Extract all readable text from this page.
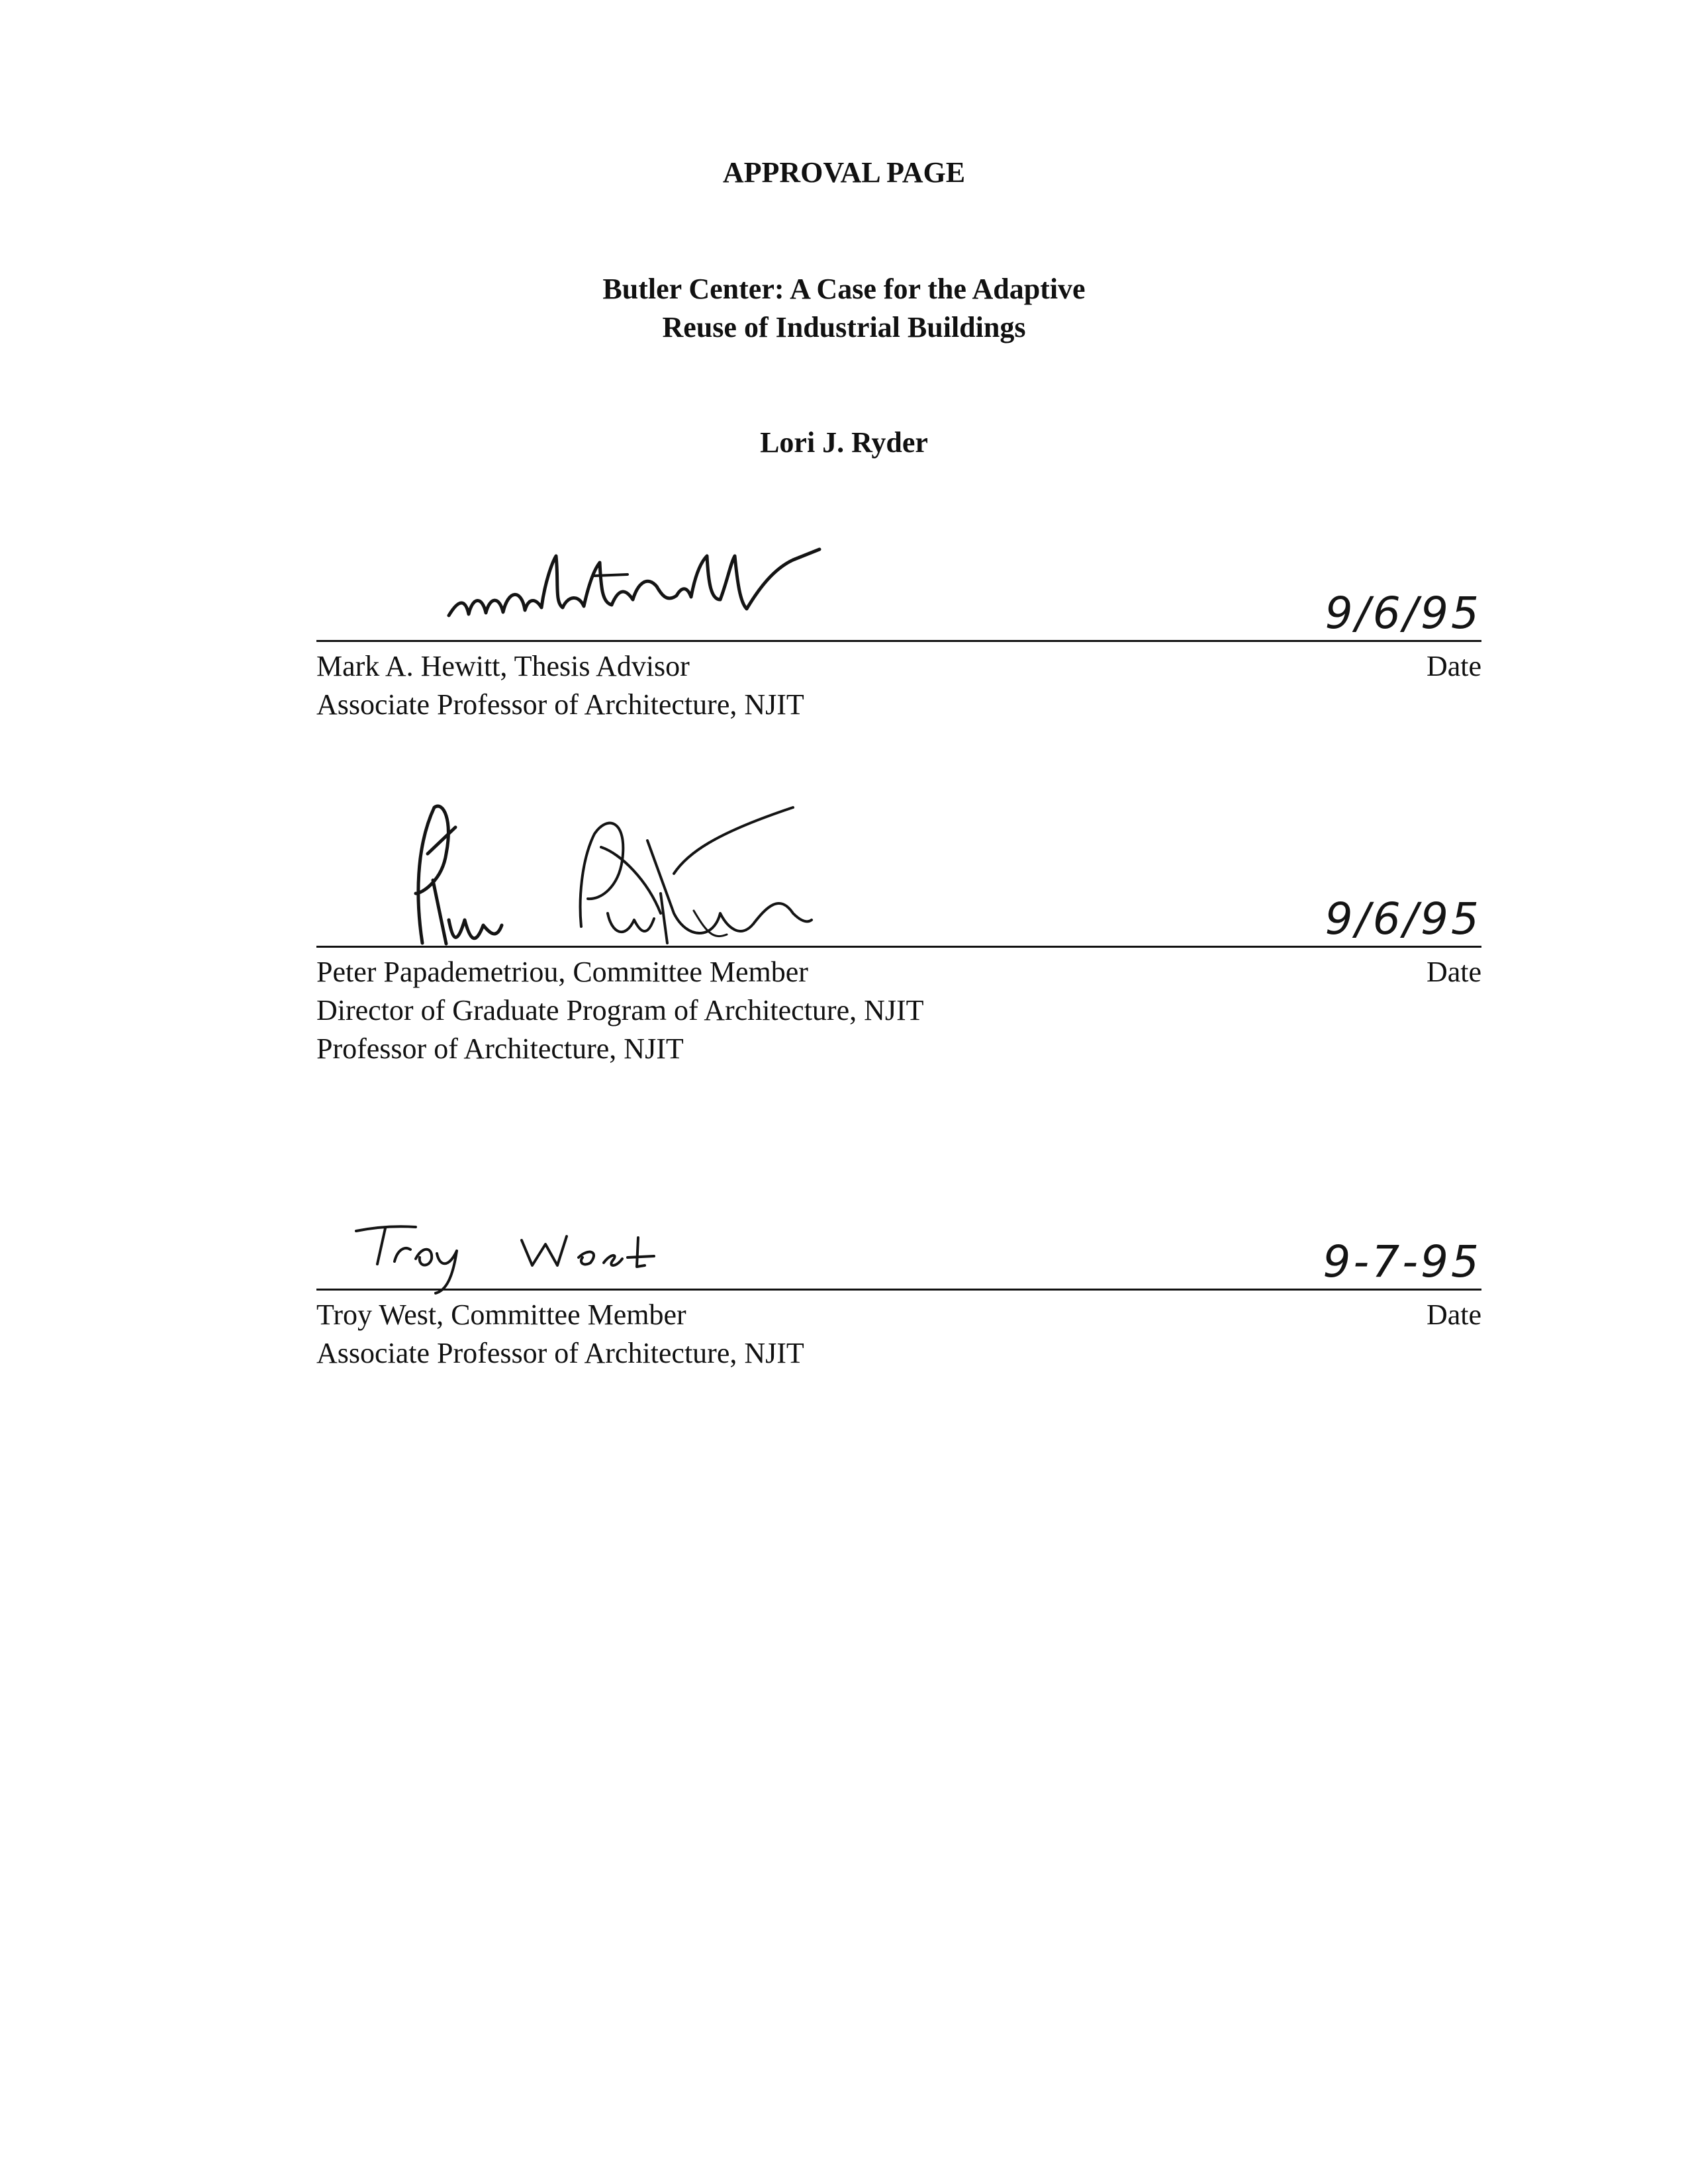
APPROVAL PAGE
Butler Center: A Case for the Adaptive
Reuse of Industrial Buildings
Lori J. Ryder
9/6/95
Mark A. Hewitt, Thesis Advisor
Associate Professor of Architecture, NJIT
Date
9/6/95
Peter Papademetriou, Committee Member
Director of Graduate Program of Architecture, NJIT
Professor of Architecture, NJIT
Date
9-7-95
Troy West, Committee Member
Associate Professor of Architecture, NJIT
Date
